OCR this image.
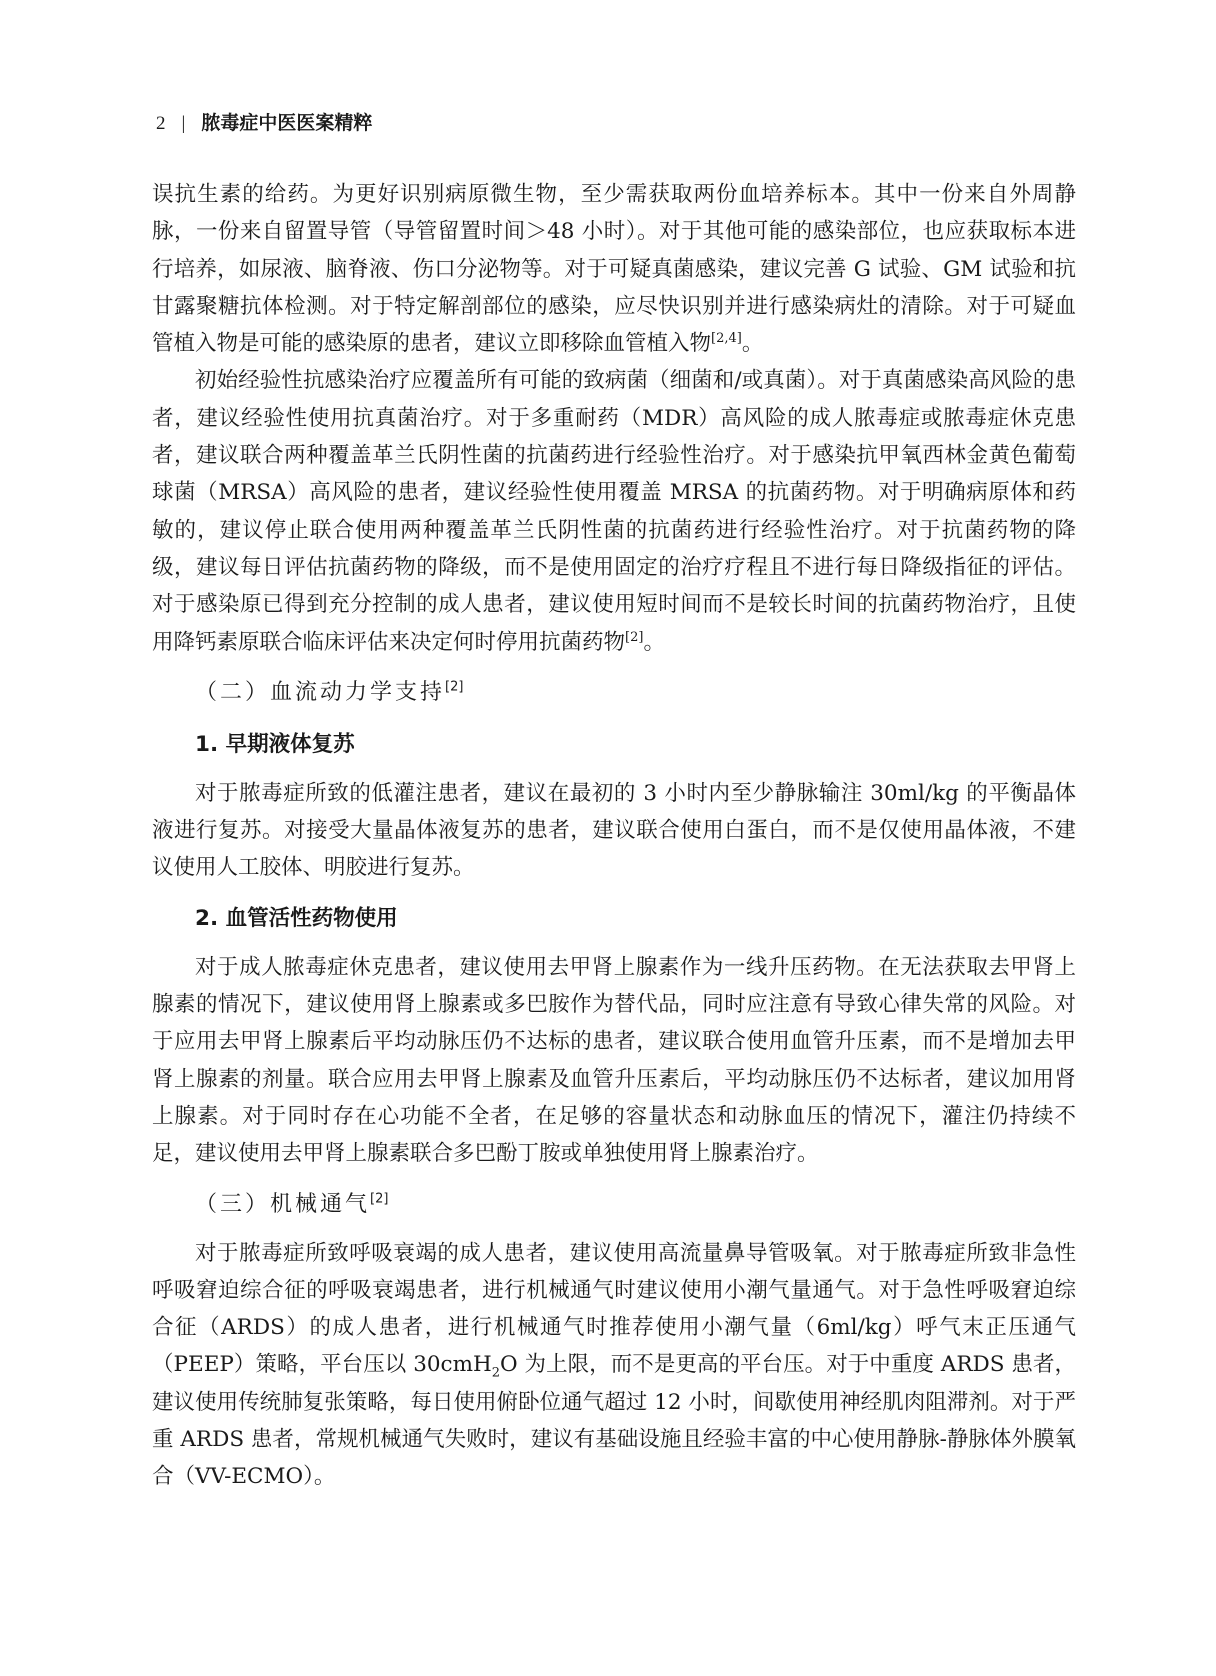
2 | 脓毒症中医医案精粹

误抗生素的给药。为更好识别病原微生物，至少需获取两份血培养标本。其中一份来自外周静脉，一份来自留置导管（导管留置时间＞48 小时）。对于其他可能的感染部位，也应获取标本进行培养，如尿液、脑脊液、伤口分泌物等。对于可疑真菌感染，建议完善 G 试验、GM 试验和抗甘露聚糖抗体检测。对于特定解剖部位的感染，应尽快识别并进行感染病灶的清除。对于可疑血管植入物是可能的感染原的患者，建议立即移除血管植入物[2,4]。

初始经验性抗感染治疗应覆盖所有可能的致病菌（细菌和/或真菌）。对于真菌感染高风险的患者，建议经验性使用抗真菌治疗。对于多重耐药（MDR）高风险的成人脓毒症或脓毒症休克患者，建议联合两种覆盖革兰氏阴性菌的抗菌药进行经验性治疗。对于感染抗甲氧西林金黄色葡萄球菌（MRSA）高风险的患者，建议经验性使用覆盖 MRSA 的抗菌药物。对于明确病原体和药敏的，建议停止联合使用两种覆盖革兰氏阴性菌的抗菌药进行经验性治疗。对于抗菌药物的降级，建议每日评估抗菌药物的降级，而不是使用固定的治疗疗程且不进行每日降级指征的评估。对于感染原已得到充分控制的成人患者，建议使用短时间而不是较长时间的抗菌药物治疗，且使用降钙素原联合临床评估来决定何时停用抗菌药物[2]。

（二）血流动力学支持[2]
1. 早期液体复苏

对于脓毒症所致的低灌注患者，建议在最初的 3 小时内至少静脉输注 30ml/kg 的平衡晶体液进行复苏。对接受大量晶体液复苏的患者，建议联合使用白蛋白，而不是仅使用晶体液，不建议使用人工胶体、明胶进行复苏。

2. 血管活性药物使用

对于成人脓毒症休克患者，建议使用去甲肾上腺素作为一线升压药物。在无法获取去甲肾上腺素的情况下，建议使用肾上腺素或多巴胺作为替代品，同时应注意有导致心律失常的风险。对于应用去甲肾上腺素后平均动脉压仍不达标的患者，建议联合使用血管升压素，而不是增加去甲肾上腺素的剂量。联合应用去甲肾上腺素及血管升压素后，平均动脉压仍不达标者，建议加用肾上腺素。对于同时存在心功能不全者，在足够的容量状态和动脉血压的情况下，灌注仍持续不足，建议使用去甲肾上腺素联合多巴酚丁胺或单独使用肾上腺素治疗。

（三）机械通气[2]

对于脓毒症所致呼吸衰竭的成人患者，建议使用高流量鼻导管吸氧。对于脓毒症所致非急性呼吸窘迫综合征的呼吸衰竭患者，进行机械通气时建议使用小潮气量通气。对于急性呼吸窘迫综合征（ARDS）的成人患者，进行机械通气时推荐使用小潮气量（6ml/kg）呼气末正压通气（PEEP）策略，平台压以 30cmH$_2$O 为上限，而不是更高的平台压。对于中重度 ARDS 患者，建议使用传统肺复张策略，每日使用俯卧位通气超过 12 小时，间歇使用神经肌肉阻滞剂。对于严重 ARDS 患者，常规机械通气失败时，建议有基础设施且经验丰富的中心使用静脉-静脉体外膜氧合（VV-ECMO）。
